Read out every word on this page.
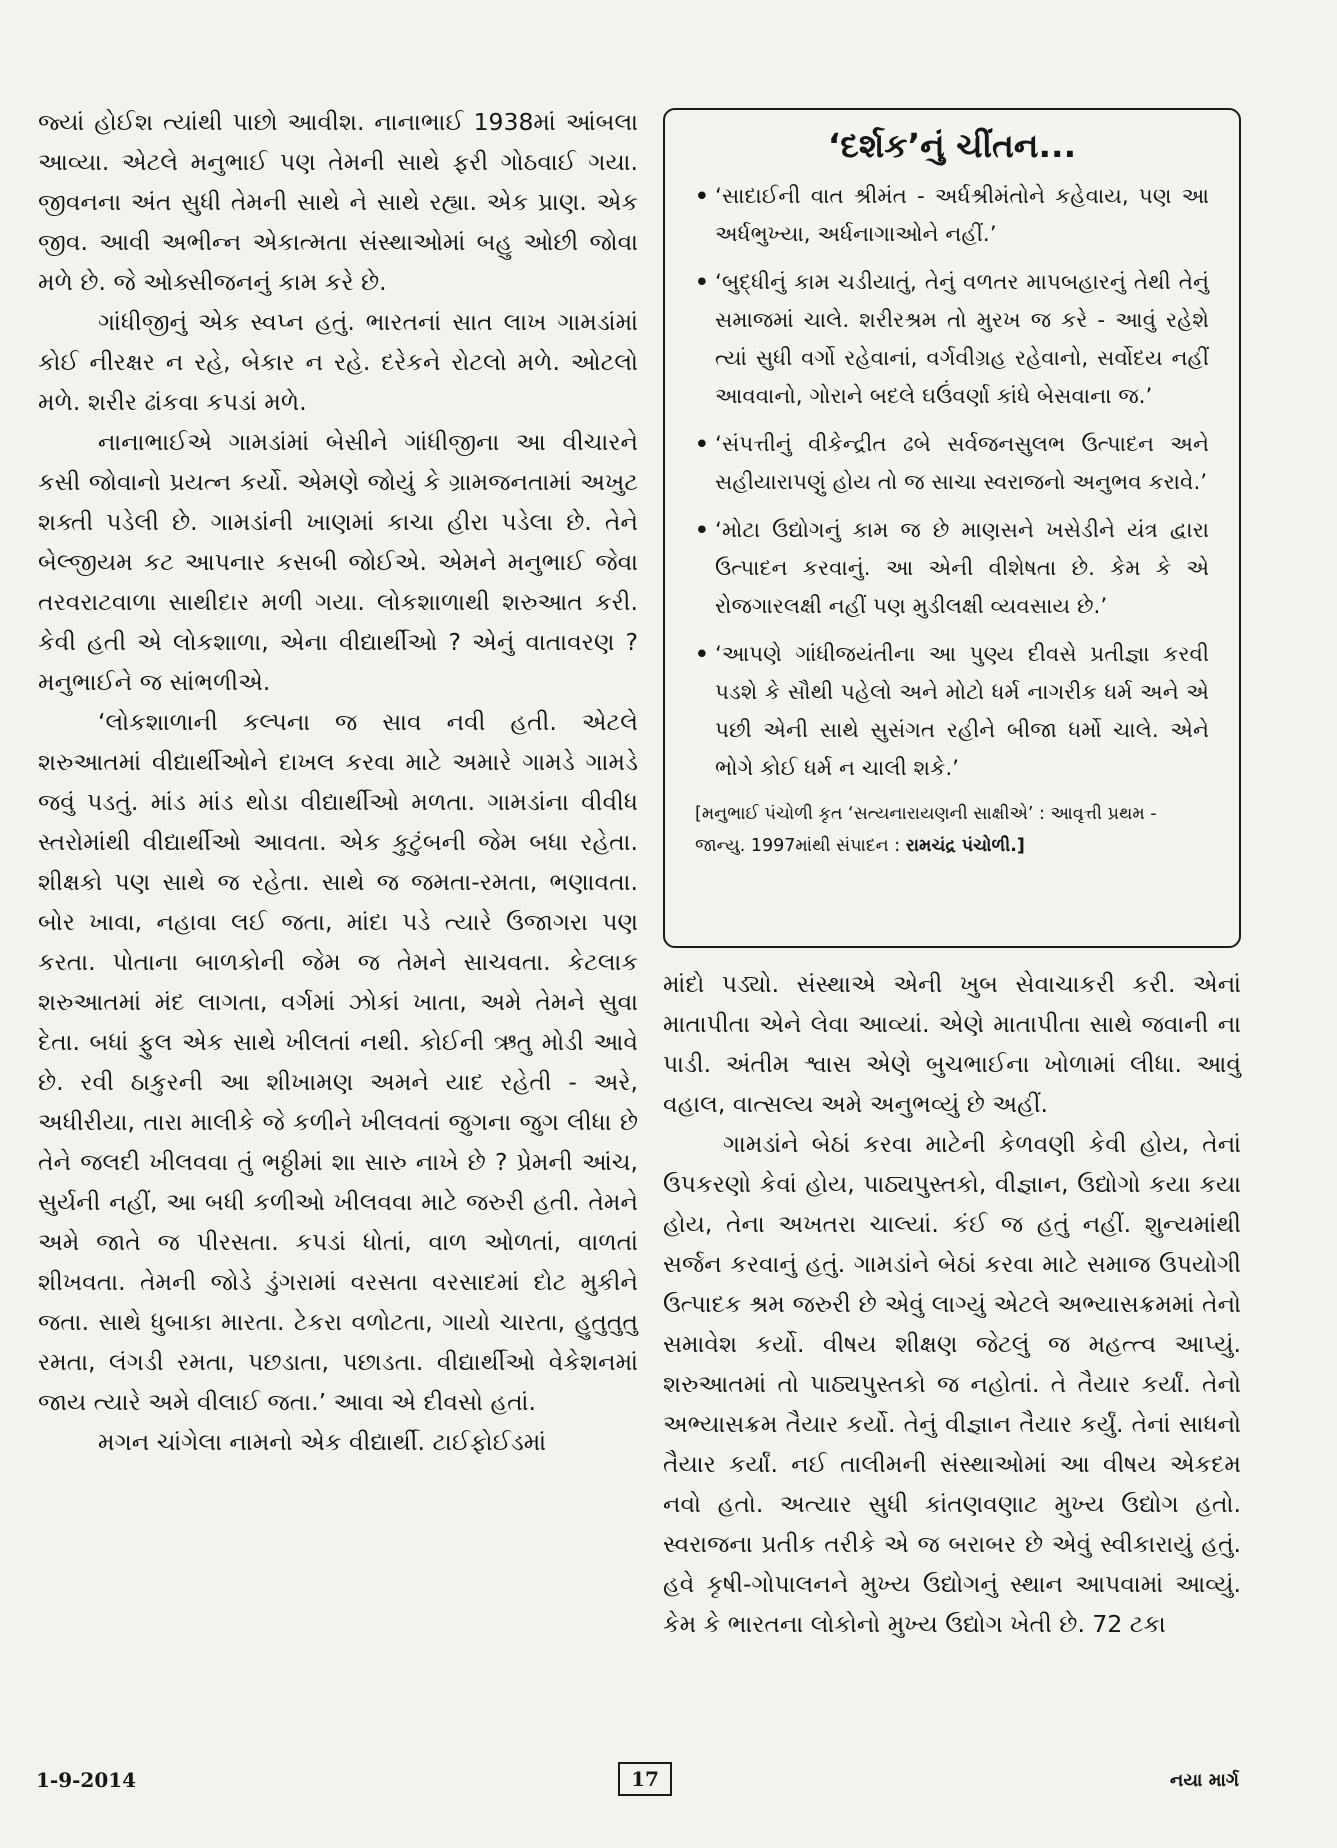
જ્યાં હોઈશ ત્યાંથી પાછો આવીશ. નાનાભાઈ 1938માં આંબલા આવ્યા. એટલે મનુભાઈ પણ તેમની સાથે ફરી ગોઠવાઈ ગયા. જીવનના અંત સુધી તેમની સાથે ને સાથે રહ્યા. એક પ્રાણ. એક જીવ. આવી અભીન્ન એકાત્મતા સંસ્થાઓમાં બહુ ઓછી જોવા મળે છે. જે ઓક્સીજનનું કામ કરે છે.

ગાંધીજીનું એક સ્વપ્ન હતું. ભારતનાં સાત લાખ ગામડાંમાં કોઈ નીરક્ષર ન રહે, બેકાર ન રહે. દરેકને રોટલો મળે. ઓટલો મળે. શરીર ઢાંકવા કપડાં મળે.

નાનાભાઈએ ગામડાંમાં બેસીને ગાંધીજીના આ વીચારને કસી જોવાનો પ્રયત્ન કર્યો. એમણે જોયું કે ગ્રામજનતામાં અખુટ શક્તી પડેલી છે. ગામડાંની ખાણમાં કાચા હીરા પડેલા છે. તેને બેલ્જીયમ કટ આપનાર કસબી જોઈએ. એમને મનુભાઈ જેવા તરવરાટવાળા સાથીદાર મળી ગયા. લોકશાળાથી શરુઆત કરી. કેવી હતી એ લોકશાળા, એના વીદ્યાર્થીઓ ? એનું વાતાવરણ ? મનુભાઈને જ સાંભળીએ.

‘લોકશાળાની કલ્પના જ સાવ નવી હતી. એટલે શરુઆતમાં વીદ્યાર્થીઓને દાખલ કરવા માટે અમારે ગામડે ગામડે જવું પડતું. માંડ માંડ થોડા વીદ્યાર્થીઓ મળતા. ગામડાંના વીવીધ સ્તરોમાંથી વીદ્યાર્થીઓ આવતા. એક કુટુંબની જેમ બધા રહેતા. શીક્ષકો પણ સાથે જ રહેતા. સાથે જ જમતા-રમતા, ભણાવતા. બોર ખાવા, નહાવા લઈ જતા, માંદા પડે ત્યારે ઉજાગરા પણ કરતા. પોતાના બાળકોની જેમ જ તેમને સાચવતા. કેટલાક શરુઆતમાં મંદ લાગતા, વર્ગમાં ઝોકાં ખાતા, અમે તેમને સુવા દેતા. બધાં ફુલ એક સાથે ખીલતાં નથી. કોઈની ઋતુ મોડી આવે છે. રવી ઠાકુરની આ શીખામણ અમને યાદ રહેતી - અરે, અધીરીયા, તારા માલીકે જે કળીને ખીલવતાં જુગના જુગ લીધા છે તેને જલદી ખીલવવા તું ભઠ્ઠીમાં શા સારુ નાખે છે ? પ્રેમની આંચ, સુર્યની નહીં, આ બધી કળીઓ ખીલવવા માટે જરુરી હતી. તેમને અમે જાતે જ પીરસતા. કપડાં ધોતાં, વાળ ઓળતાં, વાળતાં શીખવતા. તેમની જોડે ડુંગરામાં વરસતા વરસાદમાં દોટ મુકીને જતા. સાથે ધુબાકા મારતા. ટેકરા વળોટતા, ગાયો ચારતા, હુતુતુતુ રમતા, લંગડી રમતા, પછડાતા, પછાડતા. વીદ્યાર્થીઓ વેકેશનમાં જાય ત્યારે અમે વીલાઈ જતા.’ આવા એ દીવસો હતાં.

મગન ચાંગેલા નામનો એક વીદ્યાર્થી. ટાઈફોઈડમાં

‘દર્શક’નું ચીંતન...
• ‘સાદાઈની વાત શ્રીમંત - અર્ધશ્રીમંતોને કહેવાય, પણ આ અર્ધભુખ્યા, અર્ધનાગાઓને નહીં.’
• ‘બુદ્ધીનું કામ ચડીયાતું, તેનું વળતર માપબહારનું તેથી તેનું સમાજમાં ચાલે. શરીરશ્રમ તો મુરખ જ કરે - આવું રહેશે ત્યાં સુધી વર્ગો રહેવાનાં, વર્ગવીગ્રહ રહેવાનો, સર્વોદય નહીં આવવાનો, ગોરાને બદલે ઘઉંવર્ણા કાંધે બેસવાના જ.’
• ‘સંપત્તીનું વીકેન્દ્રીત ઢબે સર્વજનસુલભ ઉત્પાદન અને સહીયારાપણું હોય તો જ સાચા સ્વરાજનો અનુભવ કરાવે.’
• ‘મોટા ઉદ્યોગનું કામ જ છે માણસને ખસેડીને યંત્ર દ્વારા ઉત્પાદન કરવાનું. આ એની વીશેષતા છે. કેમ કે એ રોજગારલક્ષી નહીં પણ મુડીલક્ષી વ્યવસાય છે.’
• ‘આપણે ગાંધીજયંતીના આ પુણ્ય દીવસે પ્રતીજ્ઞા કરવી પડશે કે સૌથી પહેલો અને મોટો ધર્મ નાગરીક ધર્મ અને એ પછી એની સાથે સુસંગત રહીને બીજા ધર્મો ચાલે. એને ભોગે કોઈ ધર્મ ન ચાલી શકે.’
[મનુભાઈ પંચોળી કૃત ‘સત્યનારાયણની સાક્ષીએ’ : આવૃત્તી પ્રથમ - જાન્યુ. 1997માંથી સંપાદન : રામચંદ્ર પંચોળી.]

માંદો પડ્યો. સંસ્થાએ એની ખુબ સેવાચાકરી કરી. એનાં માતાપીતા એને લેવા આવ્યાં. એણે માતાપીતા સાથે જવાની ના પાડી. અંતીમ શ્વાસ એણે બુચભાઈના ખોળામાં લીધા. આવું વહાલ, વાત્સલ્ય અમે અનુભવ્યું છે અહીં.

ગામડાંને બેઠાં કરવા માટેની કેળવણી કેવી હોય, તેનાં ઉપકરણો કેવાં હોય, પાઠ્યપુસ્તકો, વીજ્ઞાન, ઉદ્યોગો કયા કયા હોય, તેના અખતરા ચાલ્યાં. કંઈ જ હતું નહીં. શુન્યમાંથી સર્જન કરવાનું હતું. ગામડાંને બેઠાં કરવા માટે સમાજ ઉપયોગી ઉત્પાદક શ્રમ જરુરી છે એવું લાગ્યું એટલે અભ્યાસક્રમમાં તેનો સમાવેશ કર્યો. વીષય શીક્ષણ જેટલું જ મહત્ત્વ આપ્યું. શરુઆતમાં તો પાઠ્યપુસ્તકો જ નહોતાં. તે તૈયાર કર્યાં. તેનો અભ્યાસક્રમ તૈયાર કર્યો. તેનું વીજ્ઞાન તૈયાર કર્યું. તેનાં સાધનો તૈયાર કર્યાં. નઈ તાલીમની સંસ્થાઓમાં આ વીષય એકદમ નવો હતો. અત્યાર સુધી કાંતણવણાટ મુખ્ય ઉદ્યોગ હતો. સ્વરાજના પ્રતીક તરીકે એ જ બરાબર છે એવું સ્વીકારાયું હતું. હવે કૃષી-ગોપાલનને મુખ્ય ઉદ્યોગનું સ્થાન આપવામાં આવ્યું. કેમ કે ભારતના લોકોનો મુખ્ય ઉદ્યોગ ખેતી છે. 72 ટકા

1-9-2014	17	નયા માર્ગ
